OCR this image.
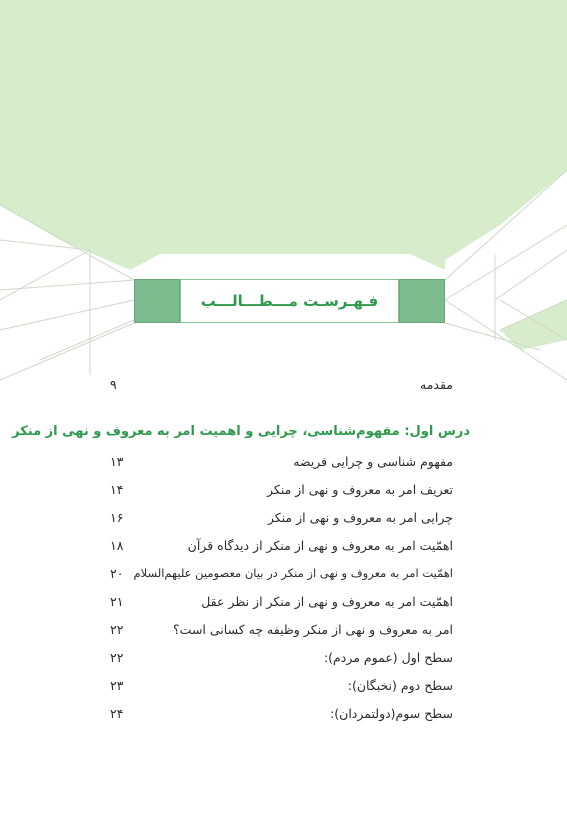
فـهـرسـت مـــطـــالـــب
مقدمه
۹
درس اول: مفهوم‌شناسی، چرایی و اهمیت امر به معروف و نهی از منکر
مفهوم شناسی و چرایی فریضه
۱۳
تعریف امر به معروف و نهی از منکر
۱۴
چرایی امر به معروف و نهی از منکر
۱۶
اهمّیت امر به معروف و نهی از منکر از دیدگاه قرآن
۱۸
اهمّیت امر به معروف و نهی از منکر در بیان معصومین علیهم‌السلام
۲۰
اهمّیت امر به معروف و نهی از منکر از نظر عقل
۲۱
امر به معروف و نهی از منکر وظیفه چه کسانی است؟
۲۲
سطح اول (عموم مردم):
۲۲
سطح دوم (نخبگان):
۲۳
سطح سوم(دولتمردان):
۲۴
